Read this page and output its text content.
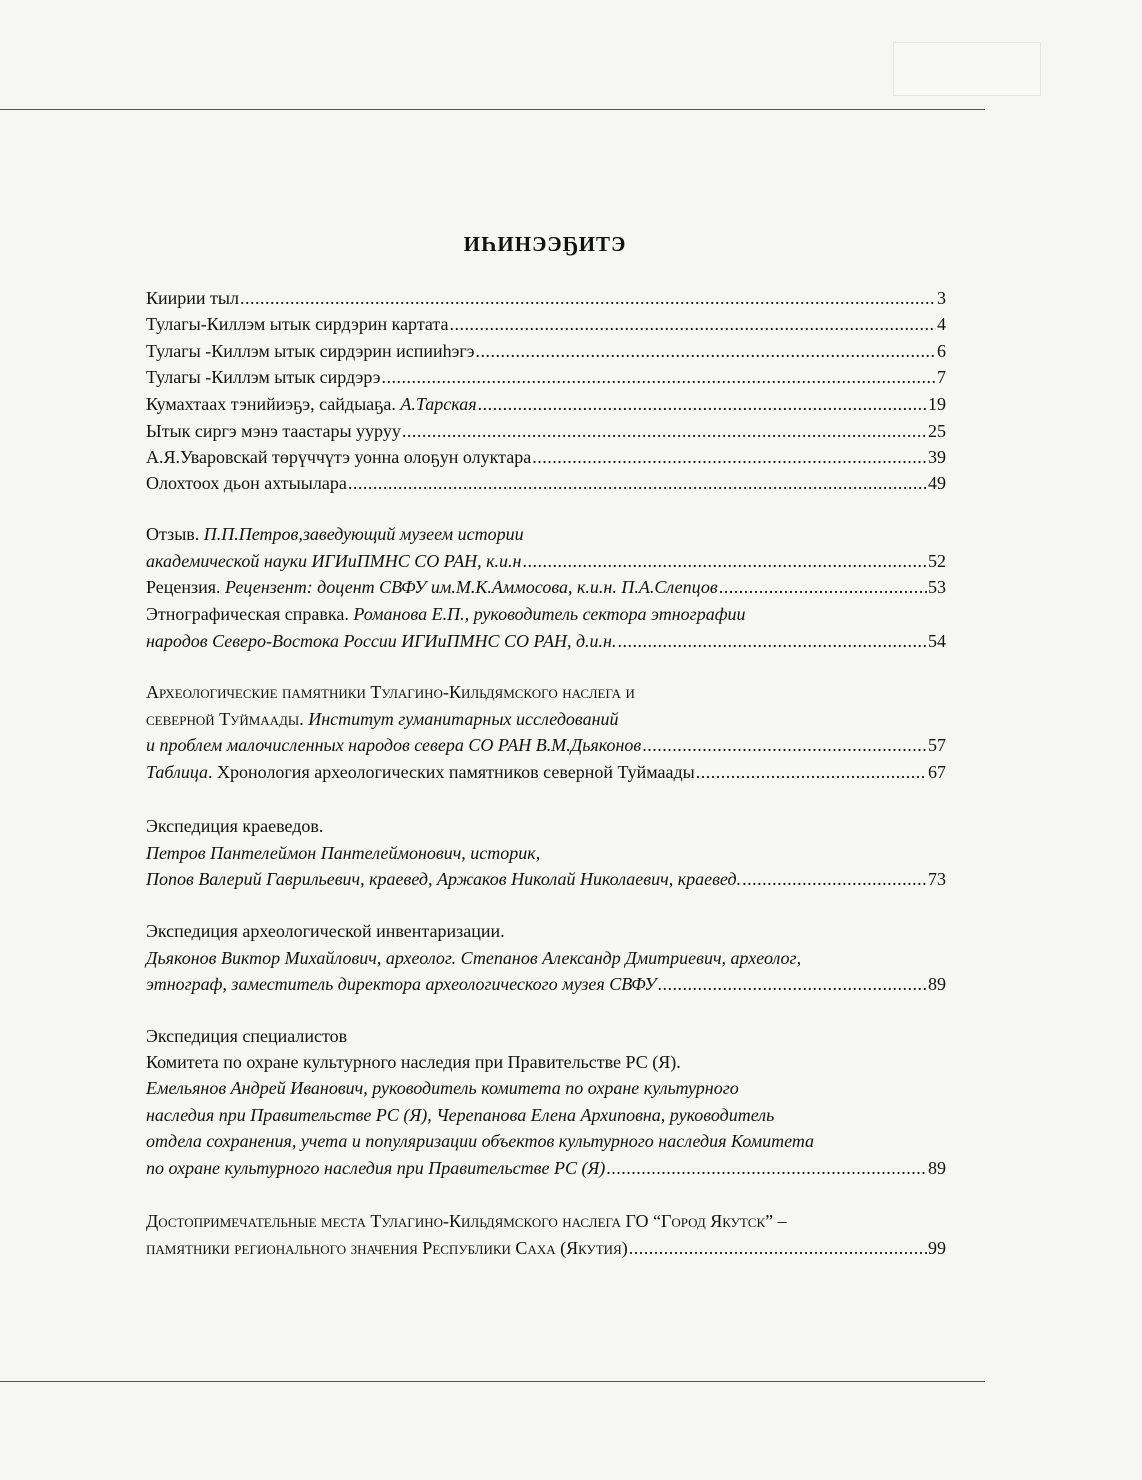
ИҺИНЭЭҔИТЭ
Киирии тыл .....	3
Тулагы-Киллэм ытык сирдэрин картата .....	4
Тулагы -Киллэм ытык сирдэрин испииһэгэ .....	6
Тулагы -Киллэм ытык сирдэрэ .....	7
Кумахтаах тэнийиэҕэ, сайдыаҕа. А.Тарская .....	19
Ытык сиргэ мэнэ таастары ууруу .....	25
А.Я.Уваровскай төрүччүтэ уонна олоҕун олуктара .....	39
Олохтоох дьон ахтыылара .....	49
Отзыв. П.П.Петров,заведующий музеем истории
академической науки ИГИиПМНС СО РАН, к.и.н .....	52
Рецензия. Рецензент: доцент СВФУ им.М.К.Аммосова, к.и.н. П.А.Слепцов .....	53
Этнографическая справка. Романова Е.П., руководитель сектора этнографии
народов Северо-Востока России ИГИиПМНС СО РАН, д.и.н. .....	54
Археологические памятники Тулагино-Кильдямского наслега и
северной Туймаады. Институт гуманитарных исследований
и проблем малочисленных народов севера СО РАН В.М.Дьяконов .....	57
Таблица. Хронология археологических памятников северной Туймаады .....	67
Экспедиция краеведов.
Петров Пантелеймон Пантелеймонович, историк,
Попов Валерий Гаврильевич, краевед, Аржаков Николай Николаевич, краевед. .....	73
Экспедиция археологической инвентаризации.
Дьяконов Виктор Михайлович, археолог. Степанов Александр Дмитриевич, археолог,
этнограф, заместитель директора археологического музея СВФУ .....	89
Экспедиция специалистов
Комитета по охране культурного наследия при Правительстве РС (Я).
Емельянов Андрей Иванович, руководитель комитета по охране культурного
наследия при Правительстве РС (Я), Черепанова Елена Архиповна, руководитель
отдела сохранения, учета и популяризации объектов культурного наследия Комитета
по охране культурного наследия при Правительстве РС (Я) .....	89
Достопримечательные места Тулагино-Кильдямского наслега ГО “Город Якутск” –
памятники регионального значения Республики Саха (Якутия) .....	99
